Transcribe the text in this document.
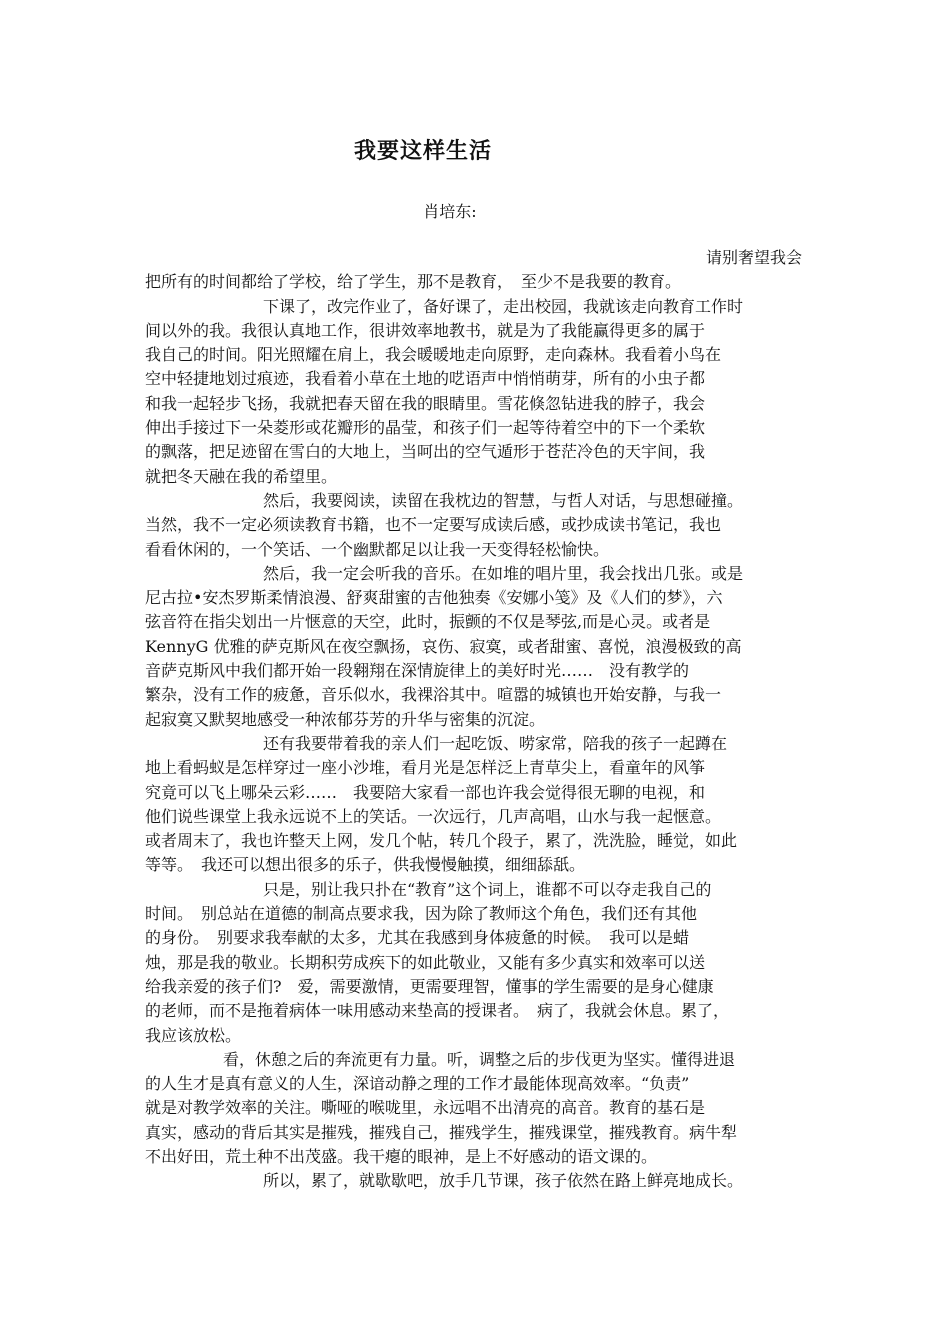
我要这样生活
肖培东:
请别奢望我会
把所有的时间都给了学校，给了学生，那不是教育，　至少不是我要的教育。
下课了，改完作业了，备好课了，走出校园，我就该走向教育工作时
间以外的我。我很认真地工作，很讲效率地教书，就是为了我能赢得更多的属于
我自己的时间。阳光照耀在肩上，我会暖暖地走向原野，走向森林。我看着小鸟在
空中轻捷地划过痕迹，我看着小草在土地的呓语声中悄悄萌芽，所有的小虫子都
和我一起轻步飞扬，我就把春天留在我的眼睛里。雪花倏忽钻进我的脖子，我会
伸出手接过下一朵菱形或花瓣形的晶莹，和孩子们一起等待着空中的下一个柔软
的飘落，把足迹留在雪白的大地上，当呵出的空气遁形于苍茫冷色的天宇间，我
就把冬天融在我的希望里。
然后，我要阅读，读留在我枕边的智慧，与哲人对话，与思想碰撞。
当然，我不一定必须读教育书籍，也不一定要写成读后感，或抄成读书笔记，我也
看看休闲的，一个笑话、一个幽默都足以让我一天变得轻松愉快。
然后，我一定会听我的音乐。在如堆的唱片里，我会找出几张。或是
尼古拉•安杰罗斯柔情浪漫、舒爽甜蜜的吉他独奏《安娜小笺》及《人们的梦》，六
弦音符在指尖划出一片惬意的天空，此时，振颤的不仅是琴弦,而是心灵。或者是
KennyG 优雅的萨克斯风在夜空飘扬，哀伤、寂寞，或者甜蜜、喜悦，浪漫极致的高
音萨克斯风中我们都开始一段翱翔在深情旋律上的美好时光……　没有教学的
繁杂，没有工作的疲惫，音乐似水，我裸浴其中。喧嚣的城镇也开始安静，与我一
起寂寞又默契地感受一种浓郁芬芳的升华与密集的沉淀。
还有我要带着我的亲人们一起吃饭、唠家常，陪我的孩子一起蹲在
地上看蚂蚁是怎样穿过一座小沙堆，看月光是怎样泛上青草尖上，看童年的风筝
究竟可以飞上哪朵云彩……　我要陪大家看一部也许我会觉得很无聊的电视，和
他们说些课堂上我永远说不上的笑话。一次远行，几声高唱，山水与我一起惬意。
或者周末了，我也许整天上网，发几个帖，转几个段子，累了，洗洗脸，睡觉，如此
等等。　我还可以想出很多的乐子，供我慢慢触摸，细细舔舐。
只是，别让我只扑在“教育”这个词上，谁都不可以夺走我自己的
时间。　别总站在道德的制高点要求我，因为除了教师这个角色，我们还有其他
的身份。　别要求我奉献的太多，尤其在我感到身体疲惫的时候。　我可以是蜡
烛，那是我的敬业。长期积劳成疾下的如此敬业，又能有多少真实和效率可以送
给我亲爱的孩子们?　爱，需要激情，更需要理智，懂事的学生需要的是身心健康
的老师，而不是拖着病体一味用感动来垫高的授课者。　病了，我就会休息。累了，
我应该放松。
看，休憩之后的奔流更有力量。听，调整之后的步伐更为坚实。懂得进退
的人生才是真有意义的人生，深谙动静之理的工作才最能体现高效率。“负责”
就是对教学效率的关注。嘶哑的喉咙里，永远唱不出清亮的高音。教育的基石是
真实，感动的背后其实是摧残，摧残自己，摧残学生，摧残课堂，摧残教育。病牛犁
不出好田，荒土种不出茂盛。我干瘪的眼神，是上不好感动的语文课的。
所以，累了，就歇歇吧，放手几节课，孩子依然在路上鲜亮地成长。
